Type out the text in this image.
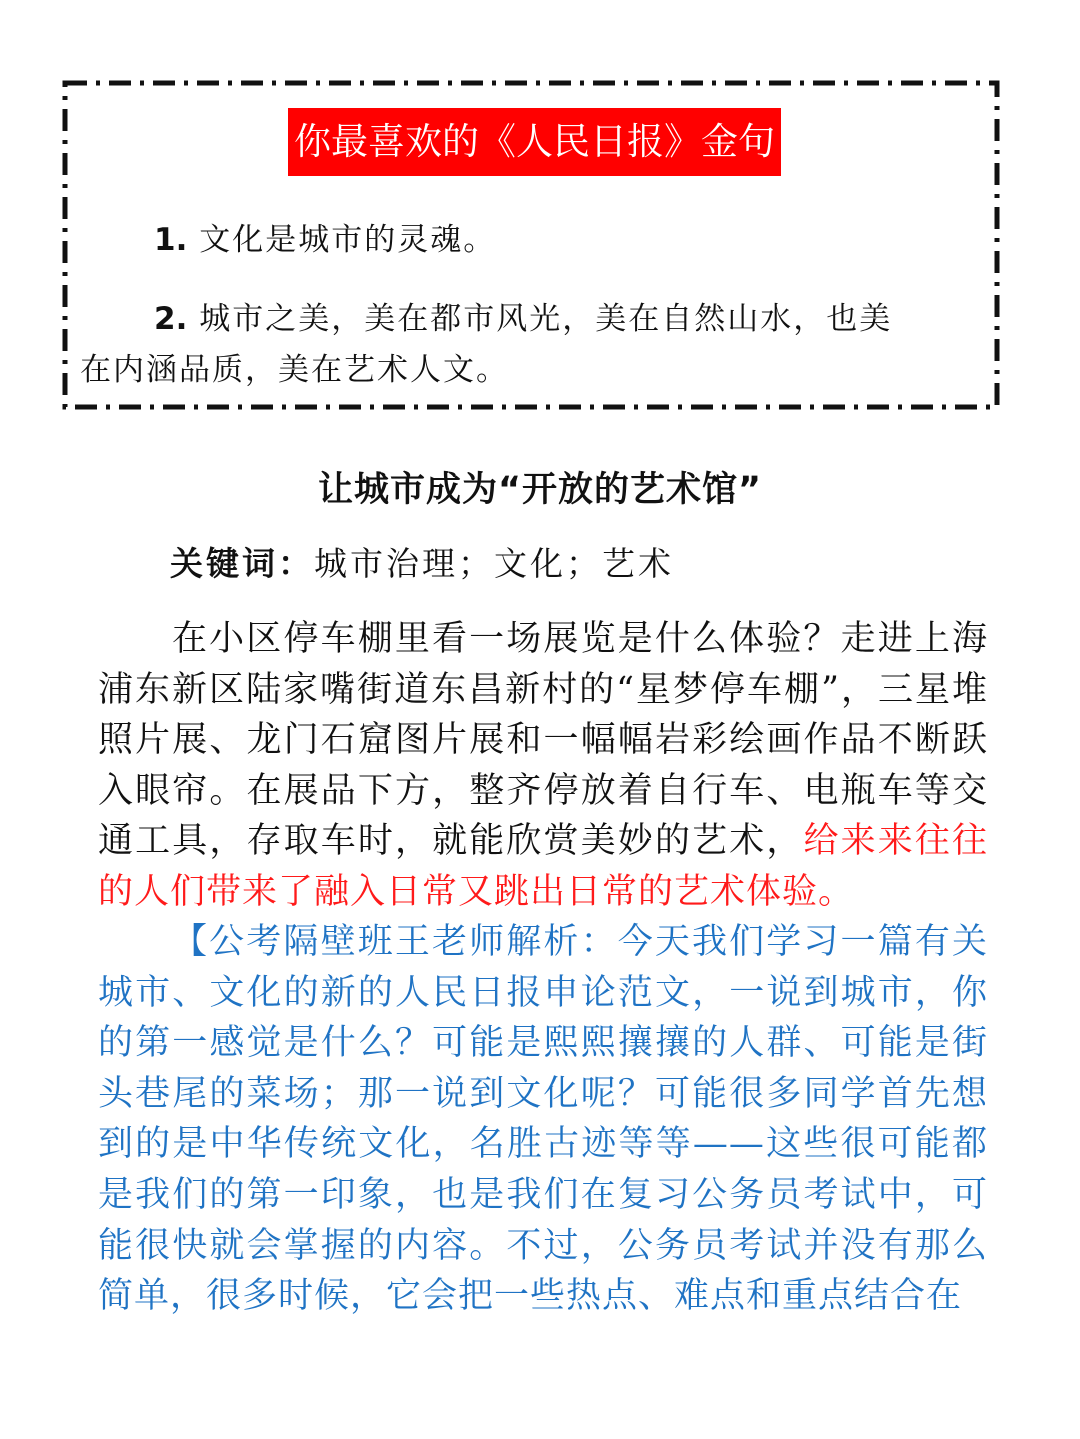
你最喜欢的《人民日报》金句
1. 文化是城市的灵魂。
2. 城市之美，美在都市风光，美在自然山水，也美
在内涵品质，美在艺术人文。
让城市成为“开放的艺术馆”
关键词：城市治理；文化；艺术

在小区停车棚里看一场展览是什么体验？走进上海浦东新区陆家嘴街道东昌新村的“星梦停车棚”，三星堆照片展、龙门石窟图片展和一幅幅岩彩绘画作品不断跃入眼帘。在展品下方，整齐停放着自行车、电瓶车等交通工具，存取车时，就能欣赏美妙的艺术，给来来往往的人们带来了融入日常又跳出日常的艺术体验。

【公考隔壁班王老师解析：今天我们学习一篇有关城市、文化的新的人民日报申论范文，一说到城市，你的第一感觉是什么？可能是熙熙攘攘的人群、可能是街头巷尾的菜场；那一说到文化呢？可能很多同学首先想到的是中华传统文化，名胜古迹等等——这些很可能都是我们的第一印象，也是我们在复习公务员考试中，可能很快就会掌握的内容。不过，公务员考试并没有那么简单，很多时候，它会把一些热点、难点和重点结合在
